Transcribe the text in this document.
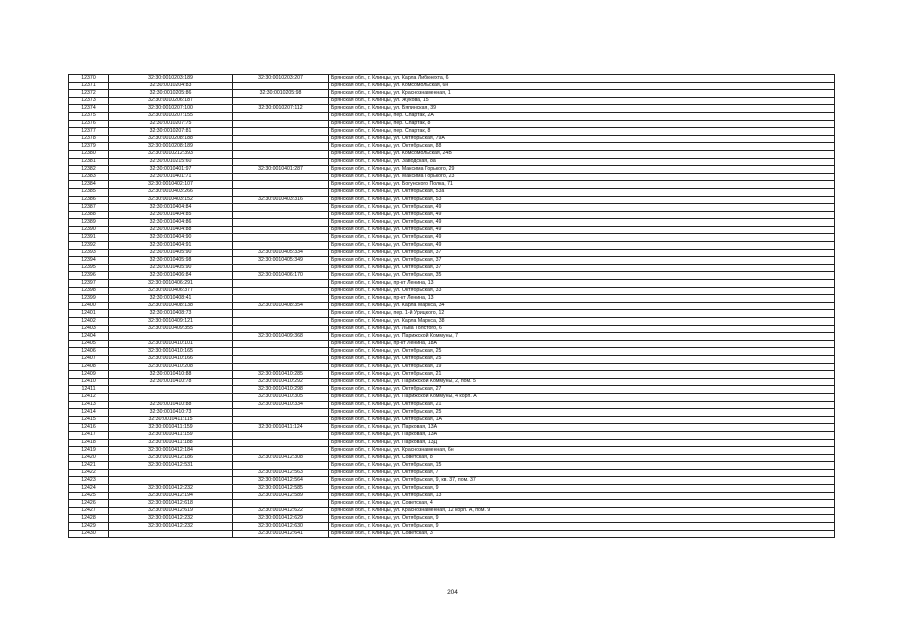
12370	32:30:0010203:189	32:30:0010203:207	Брянская обл., г. Клинцы, ул. Карла Либкнехта, 6
12371	32:30:0010204:83		Брянская обл., г. Клинцы, ул. Комсомольская, 6н
12372	32:30:0010205:86	32:30:0010205:98	Брянская обл., г. Клинцы, ул. Краснознаменная, 1
12373	32:30:0010206:187		Брянская обл., г. Клинцы, ул. Жукова, 15
12374	32:30:0010207:100	32:30:0010207:112	Брянская обл., г. Клинцы, ул. Бяпинская, 39
12375	32:30:0010207:155		Брянская обл., г. Клинцы, пер. Спартак, 2А
12376	32:30:0010207:75		Брянская обл., г. Клинцы, пер. Спартак, 8
12377	32:30:0010207:81		Брянская обл., г. Клинцы, пер. Спартак, 8
12378	32:30:0010208:188		Брянская обл., г. Клинцы, ул. Октябрьская, 79А
12379	32:30:0010208:189		Брянская обл., г. Клинцы, ул. Октябрьская, 88
12380	32:30:0010212:393		Брянская обл., г. Клинцы, ул. Комсомольская, 24В
12381	32:30:0010215:60		Брянская обл., г. Клинцы, ул. Заводская, 8а
12382	32:30:0010401:97	32:30:0010401:287	Брянская обл., г. Клинцы, ул. Максима Горького, 29
12383	32:30:0010401:71		Брянская обл., г. Клинцы, ул. Максима Горького, 23
12384	32:30:0010402:107		Брянская обл., г. Клинцы, ул. Богунского Полка, 71
12385	32:30:0010403:266		Брянская обл., г. Клинцы, ул. Октябрьская, 53а
12386	32:30:0010403:152	32:30:0010403:316	Брянская обл., г. Клинцы, ул. Октябрьская, 53
12387	32:30:0010404:84		Брянская обл., г. Клинцы, ул. Октябрьская, 49
12388	32:30:0010404:85		Брянская обл., г. Клинцы, ул. Октябрьская, 49
12389	32:30:0010404:86		Брянская обл., г. Клинцы, ул. Октябрьская, 49
12390	32:30:0010404:88		Брянская обл., г. Клинцы, ул. Октябрьская, 49
12391	32:30:0010404:90		Брянская обл., г. Клинцы, ул. Октябрьская, 49
12392	32:30:0010404:91		Брянская обл., г. Клинцы, ул. Октябрьская, 49
12393	32:30:0010405:90	32:30:0010405:334	Брянская обл., г. Клинцы, ул. Октябрьская, 37
12394	32:30:0010405:98	32:30:0010405:349	Брянская обл., г. Клинцы, ул. Октябрьская, 37
12395	32:30:0010405:90		Брянская обл., г. Клинцы, ул. Октябрьская, 37
12396	32:30:0010406:84	32:30:0010406:170	Брянская обл., г. Клинцы, ул. Октябрьская, 35
12397	32:30:0010406:291		Брянская обл., г. Клинцы, пр-кт Ленина, 13
12398	32:30:0010406:377		Брянская обл., г. Клинцы, ул. Октябрьская, 33
12399	32:30:0010408:41		Брянская обл., г. Клинцы, пр-кт Ленина, 13
12400	32:30:0010408:138	32:30:0010408:354	Брянская обл., г. Клинцы, ул. Карла Маркса, 34
12401	32:30:0010408:73		Брянская обл., г. Клинцы, пер. 1-й Урицкого, 12
12402	32:30:0010409:121		Брянская обл., г. Клинцы, ул. Карла Маркса, 38
12403	32:30:0010409:355		Брянская обл., г. Клинцы, ул. Льва Толстого, 6
12404		32:30:0010409:368	Брянская обл., г. Клинцы, ул. Парижской Коммуны, 7
12405	32:30:0010410:101		Брянская обл., г. Клинцы, пр-кт Ленина, 18А
12406	32:30:0010410:165		Брянская обл., г. Клинцы, ул. Октябрьская, 25
12407	32:30:0010410:166		Брянская обл., г. Клинцы, ул. Октябрьская, 25
12408	32:30:0010410:208		Брянская обл., г. Клинцы, ул. Октябрьская, 19
12409	32:30:0010410:88	32:30:0010410:285	Брянская обл., г. Клинцы, ул. Октябрьская, 21
12410	32:30:0010410:78	32:30:0010410:292	Брянская обл., г. Клинцы, ул. Парижской Коммуны, 2, пом. 5
12411		32:30:0010410:298	Брянская обл., г. Клинцы, ул. Октябрьская, 27
12412		32:30:0010410:305	Брянская обл., г. Клинцы, ул. Парижской Коммуны, 4 корп. А
12413	32:30:0010410:88	32:30:0010410:334	Брянская обл., г. Клинцы, ул. Октябрьская, 21
12414	32:30:0010410:73		Брянская обл., г. Клинцы, ул. Октябрьская, 25
12415	32:30:0010411:115		Брянская обл., г. Клинцы, ул. Октябрьская, 1А
12416	32:30:0010411:159	32:30:0010411:124	Брянская обл., г. Клинцы, ул. Парковая, 13А
12417	32:30:0010411:159		Брянская обл., г. Клинцы, ул. Парковая, 13А
12418	32:30:0010411:188		Брянская обл., г. Клинцы, ул. Парковая, 13Д
12419	32:30:0010412:184		Брянская обл., г. Клинцы, ул. Краснознаменная, 6н
12420	32:30:0010412:186	32:30:0010412:308	Брянская обл., г. Клинцы, ул. Советская, 8
12421	32:30:0010412:531		Брянская обл., г. Клинцы, ул. Октябрьская, 15
12422		32:30:0010412:563	Брянская обл., г. Клинцы, ул. Октябрьская, 7
12423		32:30:0010412:564	Брянская обл., г. Клинцы, ул. Октябрьская, 9, кв. 37, пом. 37
12424	32:30:0010412:232	32:30:0010412:585	Брянская обл., г. Клинцы, ул. Октябрьская, 9
12425	32:30:0010412:194	32:30:0010412:589	Брянская обл., г. Клинцы, ул. Октябрьская, 13
12426	32:30:0010412:618		Брянская обл., г. Клинцы, ул. Советская, 4
12427	32:30:0010412:619	32:30:0010412:622	Брянская обл., г. Клинцы, ул. Краснознаменная, 12 корп. А, пом. 9
12428	32:30:0010412:232	32:30:0010412:629	Брянская обл., г. Клинцы, ул. Октябрьская, 9
12429	32:30:0010412:232	32:30:0010412:630	Брянская обл., г. Клинцы, ул. Октябрьская, 9
12430		32:30:0010412:641	Брянская обл., г. Клинцы, ул. Советская, 3
204
